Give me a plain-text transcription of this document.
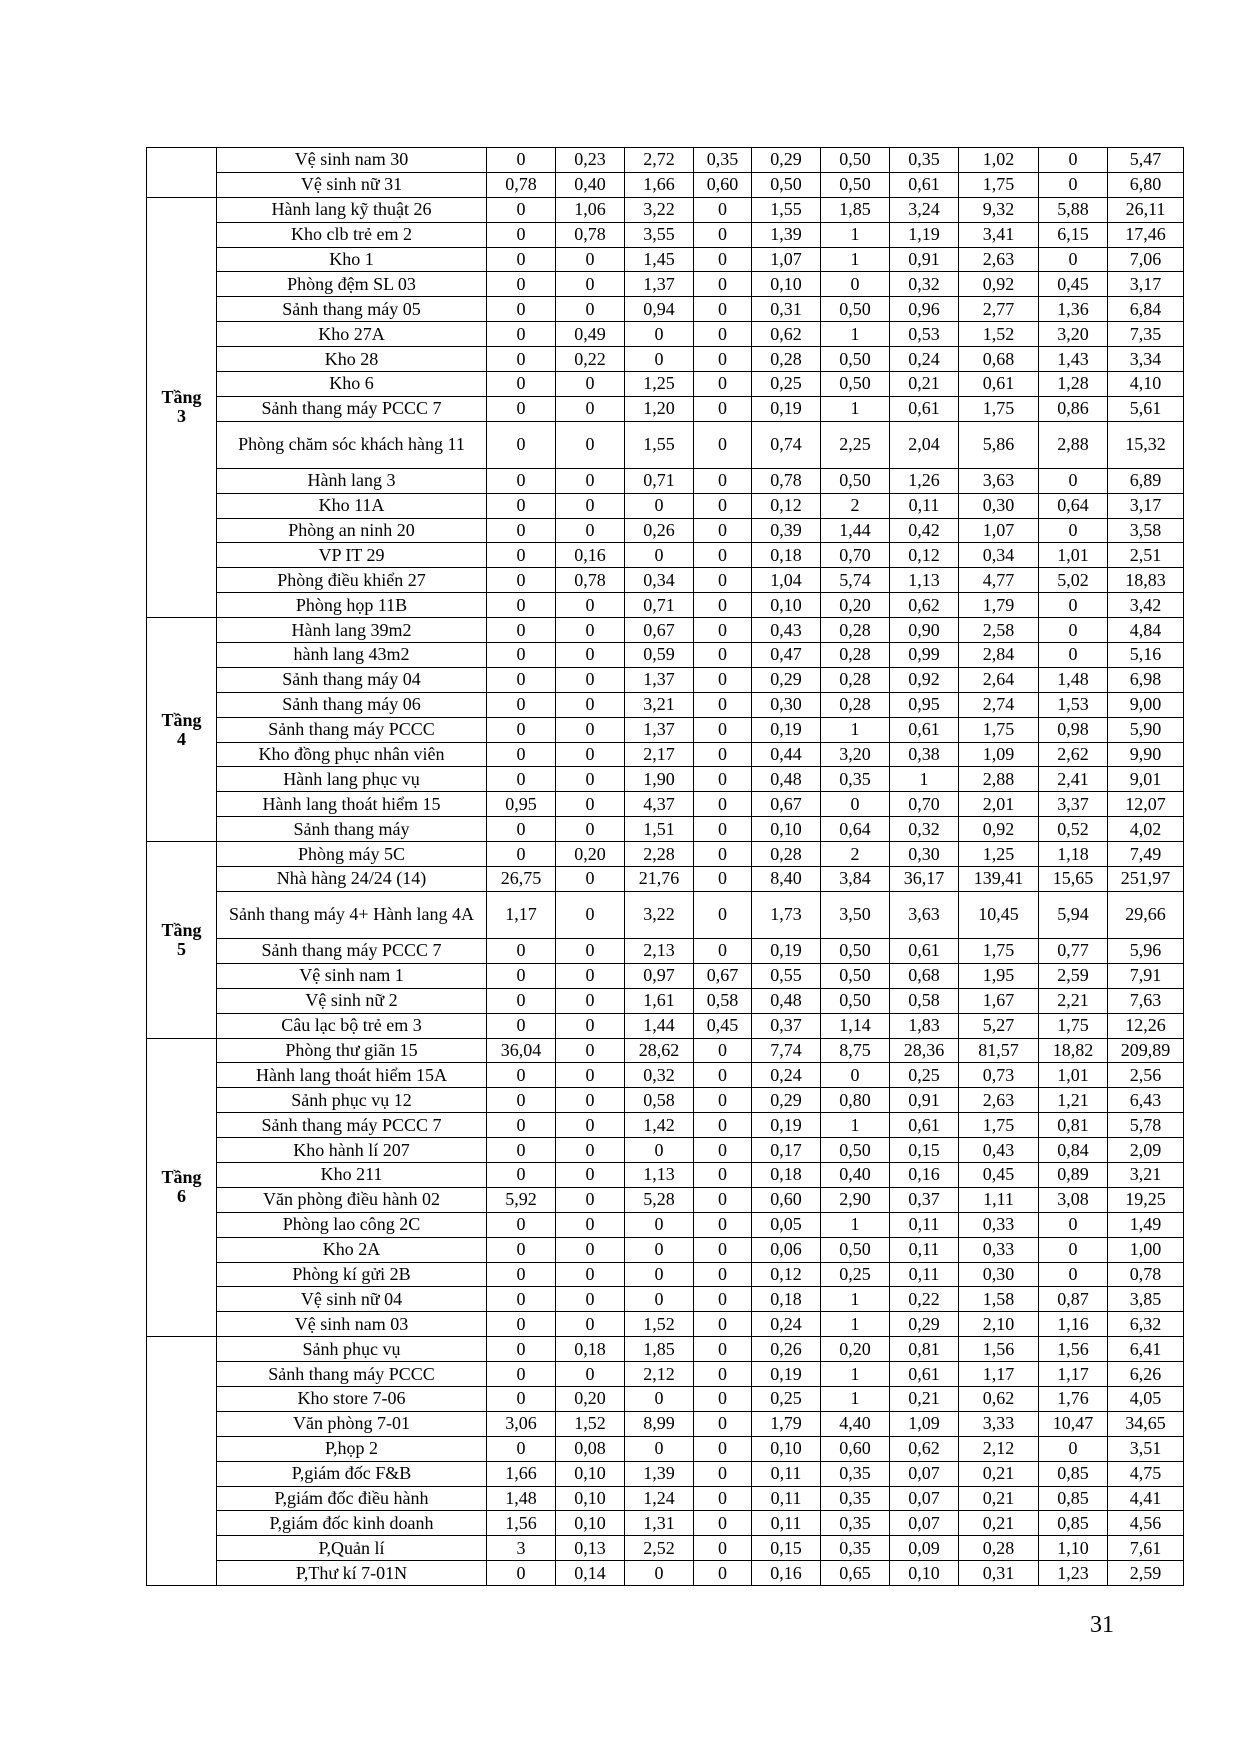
	Vệ sinh nam 30	0	0,23	2,72	0,35	0,29	0,50	0,35	1,02	0	5,47
	Vệ sinh nữ 31	0,78	0,40	1,66	0,60	0,50	0,50	0,61	1,75	0	6,80

Tầng
3	Hành lang kỹ thuật 26	0	1,06	3,22	0	1,55	1,85	3,24	9,32	5,88	26,11
	Kho clb trẻ em 2	0	0,78	3,55	0	1,39	1	1,19	3,41	6,15	17,46
	Kho 1	0	0	1,45	0	1,07	1	0,91	2,63	0	7,06
	Phòng đệm SL 03	0	0	1,37	0	0,10	0	0,32	0,92	0,45	3,17
	Sảnh thang máy 05	0	0	0,94	0	0,31	0,50	0,96	2,77	1,36	6,84
	Kho 27A	0	0,49	0	0	0,62	1	0,53	1,52	3,20	7,35
	Kho 28	0	0,22	0	0	0,28	0,50	0,24	0,68	1,43	3,34
	Kho 6	0	0	1,25	0	0,25	0,50	0,21	0,61	1,28	4,10
	Sảnh thang máy PCCC 7	0	0	1,20	0	0,19	1	0,61	1,75	0,86	5,61
	Phòng chăm sóc khách hàng 11	0	0	1,55	0	0,74	2,25	2,04	5,86	2,88	15,32
	Hành lang 3	0	0	0,71	0	0,78	0,50	1,26	3,63	0	6,89
	Kho 11A	0	0	0	0	0,12	2	0,11	0,30	0,64	3,17
	Phòng an ninh 20	0	0	0,26	0	0,39	1,44	0,42	1,07	0	3,58
	VP IT 29	0	0,16	0	0	0,18	0,70	0,12	0,34	1,01	2,51
	Phòng điều khiển 27	0	0,78	0,34	0	1,04	5,74	1,13	4,77	5,02	18,83
	Phòng họp 11B	0	0	0,71	0	0,10	0,20	0,62	1,79	0	3,42

Tầng
4	Hành lang 39m2	0	0	0,67	0	0,43	0,28	0,90	2,58	0	4,84
	hành lang 43m2	0	0	0,59	0	0,47	0,28	0,99	2,84	0	5,16
	Sảnh thang máy 04	0	0	1,37	0	0,29	0,28	0,92	2,64	1,48	6,98
	Sảnh thang máy 06	0	0	3,21	0	0,30	0,28	0,95	2,74	1,53	9,00
	Sảnh thang máy PCCC	0	0	1,37	0	0,19	1	0,61	1,75	0,98	5,90
	Kho đồng phục nhân viên	0	0	2,17	0	0,44	3,20	0,38	1,09	2,62	9,90
	Hành lang phục vụ	0	0	1,90	0	0,48	0,35	1	2,88	2,41	9,01
	Hành lang thoát hiểm 15	0,95	0	4,37	0	0,67	0	0,70	2,01	3,37	12,07
	Sảnh thang máy	0	0	1,51	0	0,10	0,64	0,32	0,92	0,52	4,02

Tầng
5	Phòng máy 5C	0	0,20	2,28	0	0,28	2	0,30	1,25	1,18	7,49
	Nhà hàng 24/24 (14)	26,75	0	21,76	0	8,40	3,84	36,17	139,41	15,65	251,97
	Sảnh thang máy 4+ Hành lang 4A	1,17	0	3,22	0	1,73	3,50	3,63	10,45	5,94	29,66
	Sảnh thang máy PCCC 7	0	0	2,13	0	0,19	0,50	0,61	1,75	0,77	5,96
	Vệ sinh nam 1	0	0	0,97	0,67	0,55	0,50	0,68	1,95	2,59	7,91
	Vệ sinh nữ 2	0	0	1,61	0,58	0,48	0,50	0,58	1,67	2,21	7,63
	Câu lạc bộ trẻ em 3	0	0	1,44	0,45	0,37	1,14	1,83	5,27	1,75	12,26

Tầng
6	Phòng thư giãn 15	36,04	0	28,62	0	7,74	8,75	28,36	81,57	18,82	209,89
	Hành lang thoát hiểm 15A	0	0	0,32	0	0,24	0	0,25	0,73	1,01	2,56
	Sảnh phục vụ 12	0	0	0,58	0	0,29	0,80	0,91	2,63	1,21	6,43
	Sảnh thang máy PCCC 7	0	0	1,42	0	0,19	1	0,61	1,75	0,81	5,78
	Kho hành lí 207	0	0	0	0	0,17	0,50	0,15	0,43	0,84	2,09
	Kho 211	0	0	1,13	0	0,18	0,40	0,16	0,45	0,89	3,21
	Văn phòng điều hành 02	5,92	0	5,28	0	0,60	2,90	0,37	1,11	3,08	19,25
	Phòng lao công 2C	0	0	0	0	0,05	1	0,11	0,33	0	1,49
	Kho 2A	0	0	0	0	0,06	0,50	0,11	0,33	0	1,00
	Phòng kí gửi 2B	0	0	0	0	0,12	0,25	0,11	0,30	0	0,78
	Vệ sinh nữ 04	0	0	0	0	0,18	1	0,22	1,58	0,87	3,85
	Vệ sinh nam 03	0	0	1,52	0	0,24	1	0,29	2,10	1,16	6,32
	Sảnh phục vụ	0	0,18	1,85	0	0,26	0,20	0,81	1,56	1,56	6,41
	Sảnh thang máy PCCC	0	0	2,12	0	0,19	1	0,61	1,17	1,17	6,26
	Kho store 7-06	0	0,20	0	0	0,25	1	0,21	0,62	1,76	4,05
	Văn phòng 7-01	3,06	1,52	8,99	0	1,79	4,40	1,09	3,33	10,47	34,65
	P,họp 2	0	0,08	0	0	0,10	0,60	0,62	2,12	0	3,51
	P,giám đốc F&B	1,66	0,10	1,39	0	0,11	0,35	0,07	0,21	0,85	4,75
	P,giám đốc điều hành	1,48	0,10	1,24	0	0,11	0,35	0,07	0,21	0,85	4,41
	P,giám đốc kinh doanh	1,56	0,10	1,31	0	0,11	0,35	0,07	0,21	0,85	4,56
	P,Quản lí	3	0,13	2,52	0	0,15	0,35	0,09	0,28	1,10	7,61
	P,Thư kí 7-01N	0	0,14	0	0	0,16	0,65	0,10	0,31	1,23	2,59
31
